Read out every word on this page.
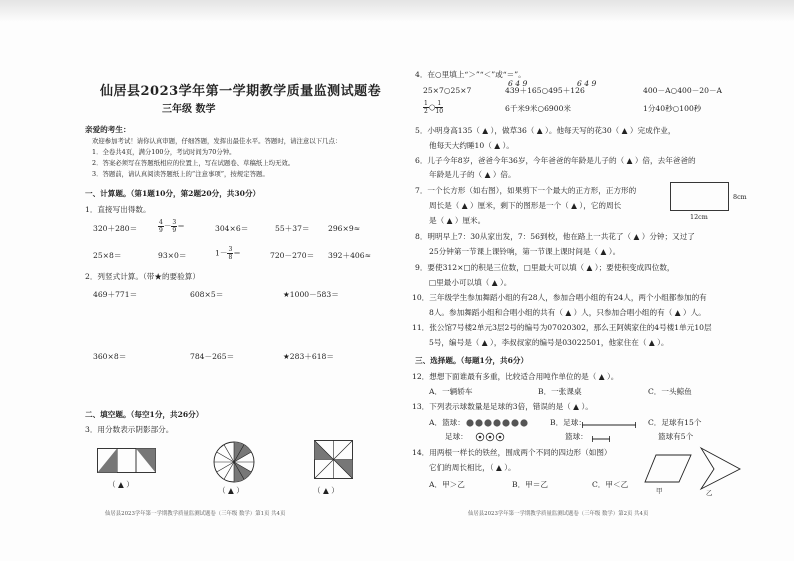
仙居县2023学年第一学期教学质量监测试题卷
三年级 数学
亲爱的考生：
欢迎参加考试！请你认真审题，仔细答题，发挥出最佳水平。答题时，请注意以下几点：
1．全卷共4页，满分100分，考试时间为70分钟。
2．答案必须写在答题纸相应的位置上，写在试题卷、草稿纸上均无效。
3．答题前，请认真阅读答题纸上的“注意事项”，按规定答题。
一、计算题。（第1题10分，第2题20分，共30分）
1．直接写出得数。
320＋280＝	$\frac{4}{9} - \frac{3}{9}$ ＝	304×6＝	55＋37＝ 296×9≈
25×8＝	93×0＝	$1- \frac{3}{8}$ ＝	720－270＝ 392＋406≈
2．列竖式计算。（带★的要验算）
469＋771＝	608×5＝	★1000－583＝
360×8＝	784－265＝	★283＋618＝
二、填空题。（每空1分，共26分）
3．用分数表示阴影部分。
（ ▲ ）
（ ▲ ）	（ ▲ ）
仙居县2023学年第一学期教学质量监测试题卷（三年级 数学）第1页 共4页
4．在○里填上“＞”“＜”或“＝”。
6 4 9	6 4 9
25×7○25×7	439＋165○495＋126	400－A○400－20－A
$\frac{1}{2}$ ○ $\frac{1}{10}$	6千米9米○6900米	1分40秒○100秒
5．小明身高135（ ▲ ），做草36（ ▲ ）。他每天写的花30（ ▲ ）完成作业，
他每天大约睡10（ ▲ ）。
6．儿子今年8岁，爸爸今年36岁，今年爸爸的年龄是儿子的（ ▲ ）倍，去年爸爸的
年龄是儿子的（ ▲ ）倍。
7．一个长方形（如右图），如果剪下一个最大的正方形，正方形的
周长是（ ▲ ）厘米，剩下的图形是一个（ ▲ ），它的周长
是（ ▲ ）厘米。
8cm
12cm
8．明明早上7：30从家出发，7：56到校，他在路上一共花了（ ▲ ）分钟；又过了
25分钟第一节课上课铃响，第一节课上课时间是（ ▲ ）。
9．要使312×□的积是三位数，□里最大可以填（ ▲ ）；要使积变成四位数，
□里最小可以填（ ▲ ）。
10．三年级学生参加舞蹈小组的有28人，参加合唱小组的有24人，两个小组都参加的有
8人。参加舞蹈小组和合唱小组的共有（ ▲ ）人，只参加合唱小组的有（ ▲ ）人。
11．张公馆7号楼2单元3层2号的编号为07020302，那么王阿姨家住的4号楼1单元10层
5号，编号是（ ▲ ），李叔叔家的编号是03022501，他家住在（ ▲ ）。
三、选择题。（每题1分，共6分）
12．想想下面谁最有多重，比较适合用吨作单位的是（ ▲ ）。
A．一辆轿车	B．一张课桌	C．一头鲸鱼
13．下列表示球数量是足球的3倍，错误的是（ ▲ ）。
A．篮球：
足球：
B．足球：
篮球：
C．足球有15个
篮球有5个
14．用两根一样长的铁丝，围成两个不同的四边形（如图）
它们的周长相比，（ ▲ ）。
A．甲＞乙	B．甲＝乙	C．甲＜乙
甲	乙
仙居县2023学年第一学期教学质量监测试题卷（三年级 数学）第2页 共4页
